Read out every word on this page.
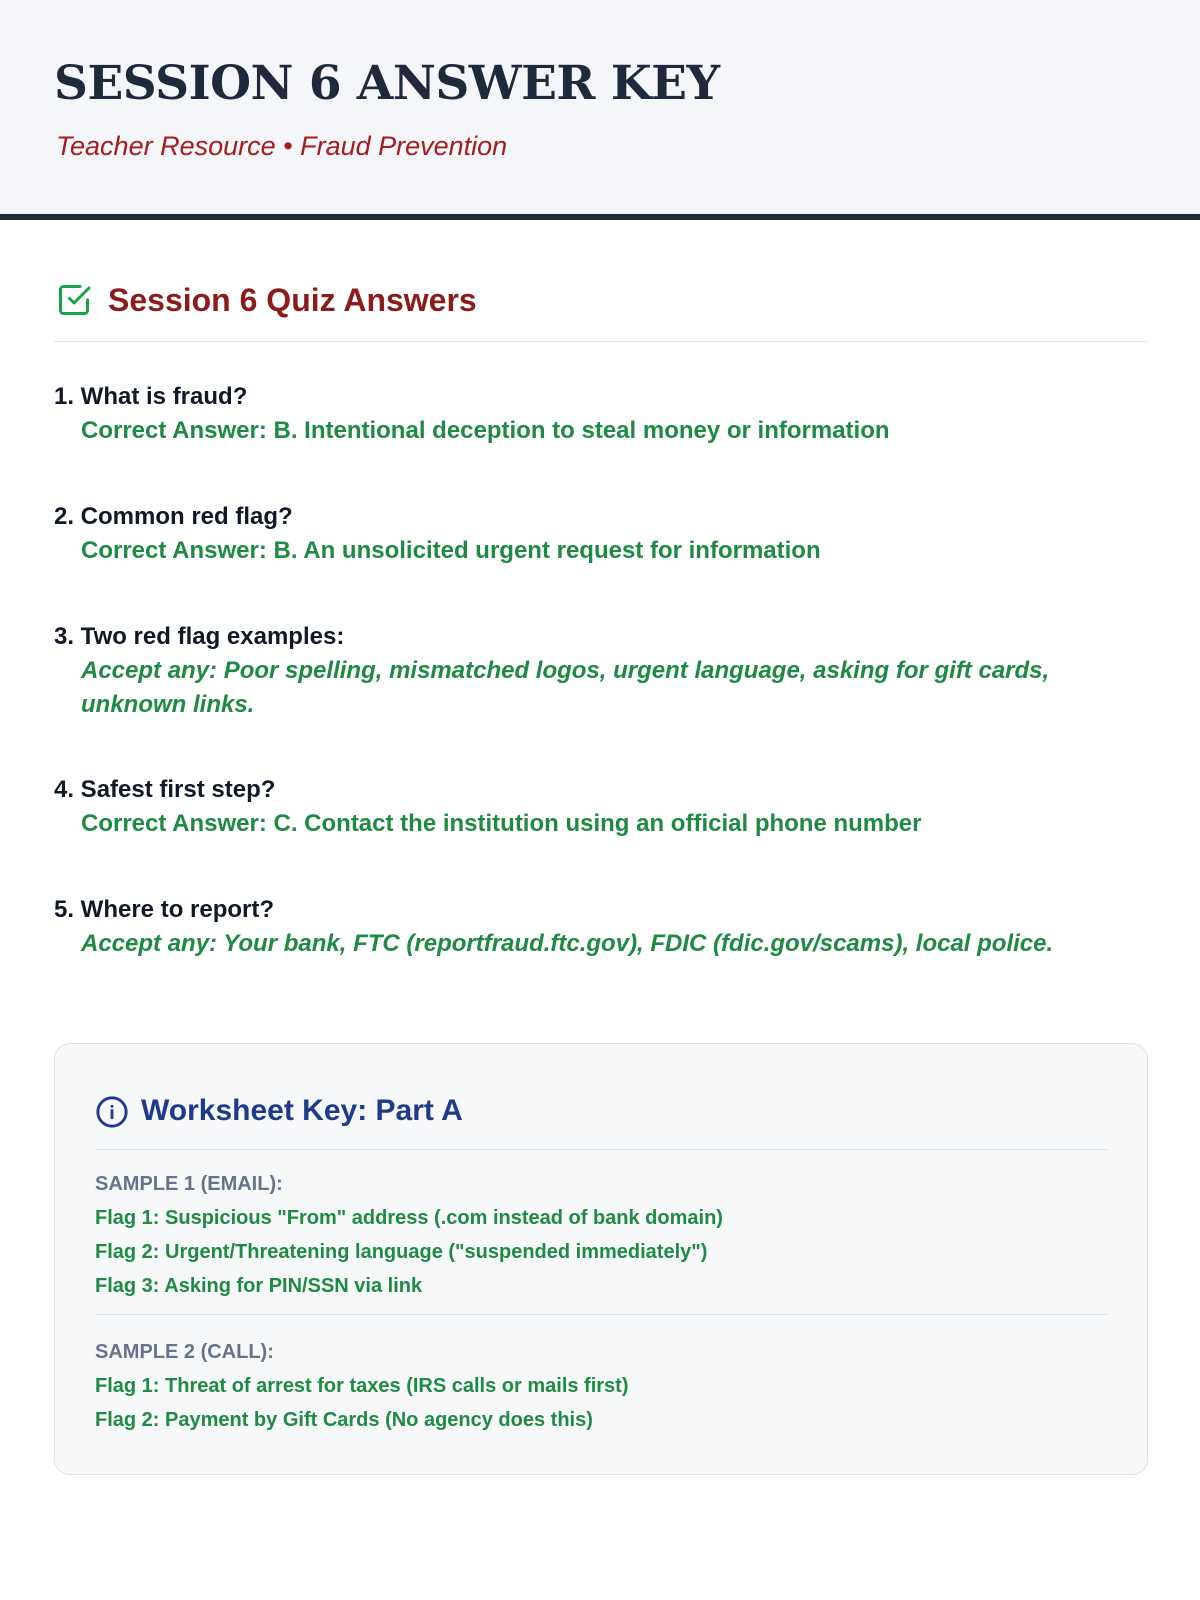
SESSION 6 ANSWER KEY
Teacher Resource • Fraud Prevention
Session 6 Quiz Answers
1. What is fraud?
Correct Answer: B. Intentional deception to steal money or information
2. Common red flag?
Correct Answer: B. An unsolicited urgent request for information
3. Two red flag examples:
Accept any: Poor spelling, mismatched logos, urgent language, asking for gift cards, unknown links.
4. Safest first step?
Correct Answer: C. Contact the institution using an official phone number
5. Where to report?
Accept any: Your bank, FTC (reportfraud.ftc.gov), FDIC (fdic.gov/scams), local police.
Worksheet Key: Part A
SAMPLE 1 (EMAIL):
Flag 1: Suspicious "From" address (.com instead of bank domain)
Flag 2: Urgent/Threatening language ("suspended immediately")
Flag 3: Asking for PIN/SSN via link
SAMPLE 2 (CALL):
Flag 1: Threat of arrest for taxes (IRS calls or mails first)
Flag 2: Payment by Gift Cards (No agency does this)
